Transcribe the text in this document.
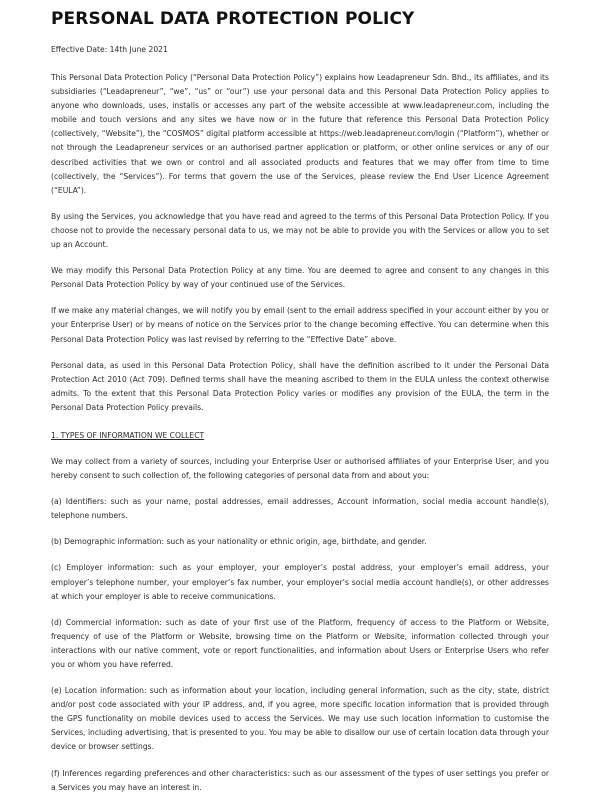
PERSONAL DATA PROTECTION POLICY
Effective Date: 14th June 2021

This Personal Data Protection Policy (“Personal Data Protection Policy”) explains how Leadapreneur Sdn. Bhd., its affiliates, and its subsidiaries (“Leadapreneur”, “we”, “us” or “our”) use your personal data and this Personal Data Protection Policy applies to anyone who downloads, uses, installs or accesses any part of the website accessible at www.leadapreneur.com, including the mobile and touch versions and any sites we have now or in the future that reference this Personal Data Protection Policy (collectively, “Website”), the “COSMOS” digital platform accessible at https://web.leadapreneur.com/login (“Platform”), whether or not through the Leadapreneur services or an authorised partner application or platform, or other online services or any of our described activities that we own or control and all associated products and features that we may offer from time to time (collectively, the “Services”). For terms that govern the use of the Services, please review the End User Licence Agreement (“EULA”).

By using the Services, you acknowledge that you have read and agreed to the terms of this Personal Data Protection Policy. If you choose not to provide the necessary personal data to us, we may not be able to provide you with the Services or allow you to set up an Account.

We may modify this Personal Data Protection Policy at any time. You are deemed to agree and consent to any changes in this Personal Data Protection Policy by way of your continued use of the Services.

If we make any material changes, we will notify you by email (sent to the email address specified in your account either by you or your Enterprise User) or by means of notice on the Services prior to the change becoming effective. You can determine when this Personal Data Protection Policy was last revised by referring to the “Effective Date” above.

Personal data, as used in this Personal Data Protection Policy, shall have the definition ascribed to it under the Personal Data Protection Act 2010 (Act 709). Defined terms shall have the meaning ascribed to them in the EULA unless the context otherwise admits. To the extent that this Personal Data Protection Policy varies or modifies any provision of the EULA, the term in the Personal Data Protection Policy prevails.

1. TYPES OF INFORMATION WE COLLECT

We may collect from a variety of sources, including your Enterprise User or authorised affiliates of your Enterprise User, and you hereby consent to such collection of, the following categories of personal data from and about you:

(a) Identifiers: such as your name, postal addresses, email addresses, Account information, social media account handle(s), telephone numbers.

(b) Demographic information: such as your nationality or ethnic origin, age, birthdate, and gender.

(c) Employer information: such as your employer, your employer’s postal address, your employer’s email address, your employer’s telephone number, your employer’s fax number, your employer’s social media account handle(s), or other addresses at which your employer is able to receive communications.

(d) Commercial information: such as date of your first use of the Platform, frequency of access to the Platform or Website, frequency of use of the Platform or Website, browsing time on the Platform or Website, information collected through your interactions with our native comment, vote or report functionalities, and information about Users or Enterprise Users who refer you or whom you have referred.

(e) Location information: such as information about your location, including general information, such as the city, state, district and/or post code associated with your IP address, and, if you agree, more specific location information that is provided through the GPS functionality on mobile devices used to access the Services. We may use such location information to customise the Services, including advertising, that is presented to you. You may be able to disallow our use of certain location data through your device or browser settings.

(f) Inferences regarding preferences and other characteristics: such as our assessment of the types of user settings you prefer or a Services you may have an interest in.
